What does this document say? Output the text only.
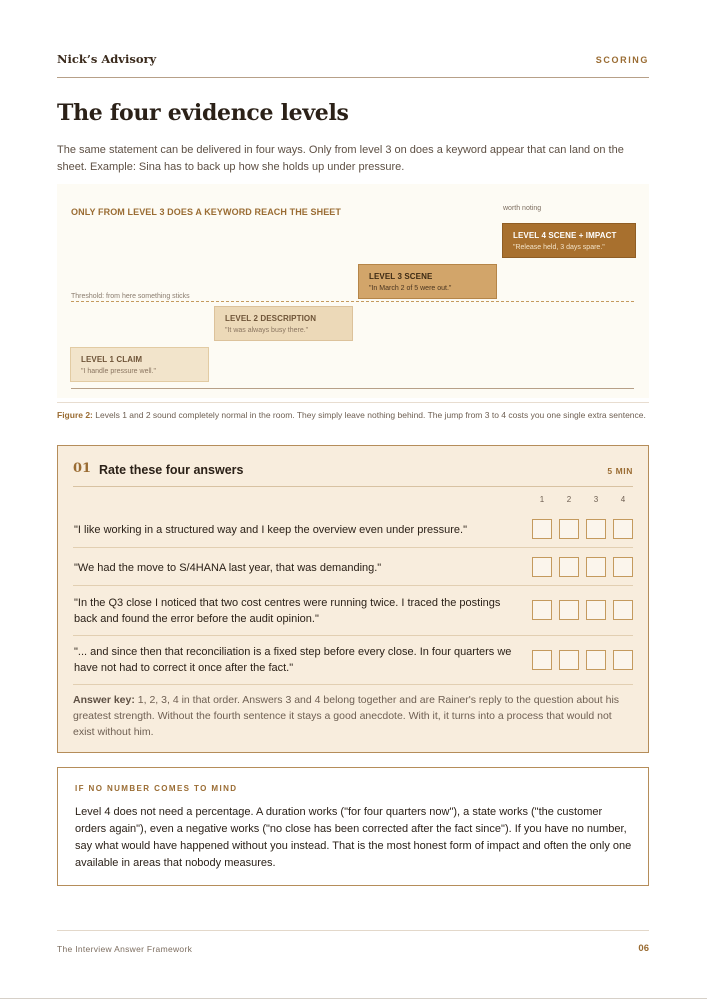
Nick’s Advisory	SCORING
The four evidence levels

The same statement can be delivered in four ways. Only from level 3 on does a keyword appear that can land on the sheet. Example: Sina has to back up how she holds up under pressure.

ONLY FROM LEVEL 3 DOES A KEYWORD REACH THE SHEET	worth noting
Threshold: from here something sticks
LEVEL 1 CLAIM
"I handle pressure well."
LEVEL 2 DESCRIPTION
"It was always busy there."
LEVEL 3 SCENE
"In March 2 of 5 were out."
LEVEL 4 SCENE + IMPACT
"Release held, 3 days spare."

Figure 2: Levels 1 and 2 sound completely normal in the room. They simply leave nothing behind. The jump from 3 to 4 costs you one single extra sentence.

01 Rate these four answers	5 MIN
1	2	3	4
"I like working in a structured way and I keep the overview even under pressure."
"We had the move to S/4HANA last year, that was demanding."
"In the Q3 close I noticed that two cost centres were running twice. I traced the postings back and found the error before the audit opinion."
"... and since then that reconciliation is a fixed step before every close. In four quarters we have not had to correct it once after the fact."

Answer key: 1, 2, 3, 4 in that order. Answers 3 and 4 belong together and are Rainer's reply to the question about his greatest strength. Without the fourth sentence it stays a good anecdote. With it, it turns into a process that would not exist without him.

IF NO NUMBER COMES TO MIND

Level 4 does not need a percentage. A duration works ("for four quarters now"), a state works ("the customer orders again"), even a negative works ("no close has been corrected after the fact since"). If you have no number, say what would have happened without you instead. That is the most honest form of impact and often the only one available in areas that nobody measures.

The Interview Answer Framework	06
